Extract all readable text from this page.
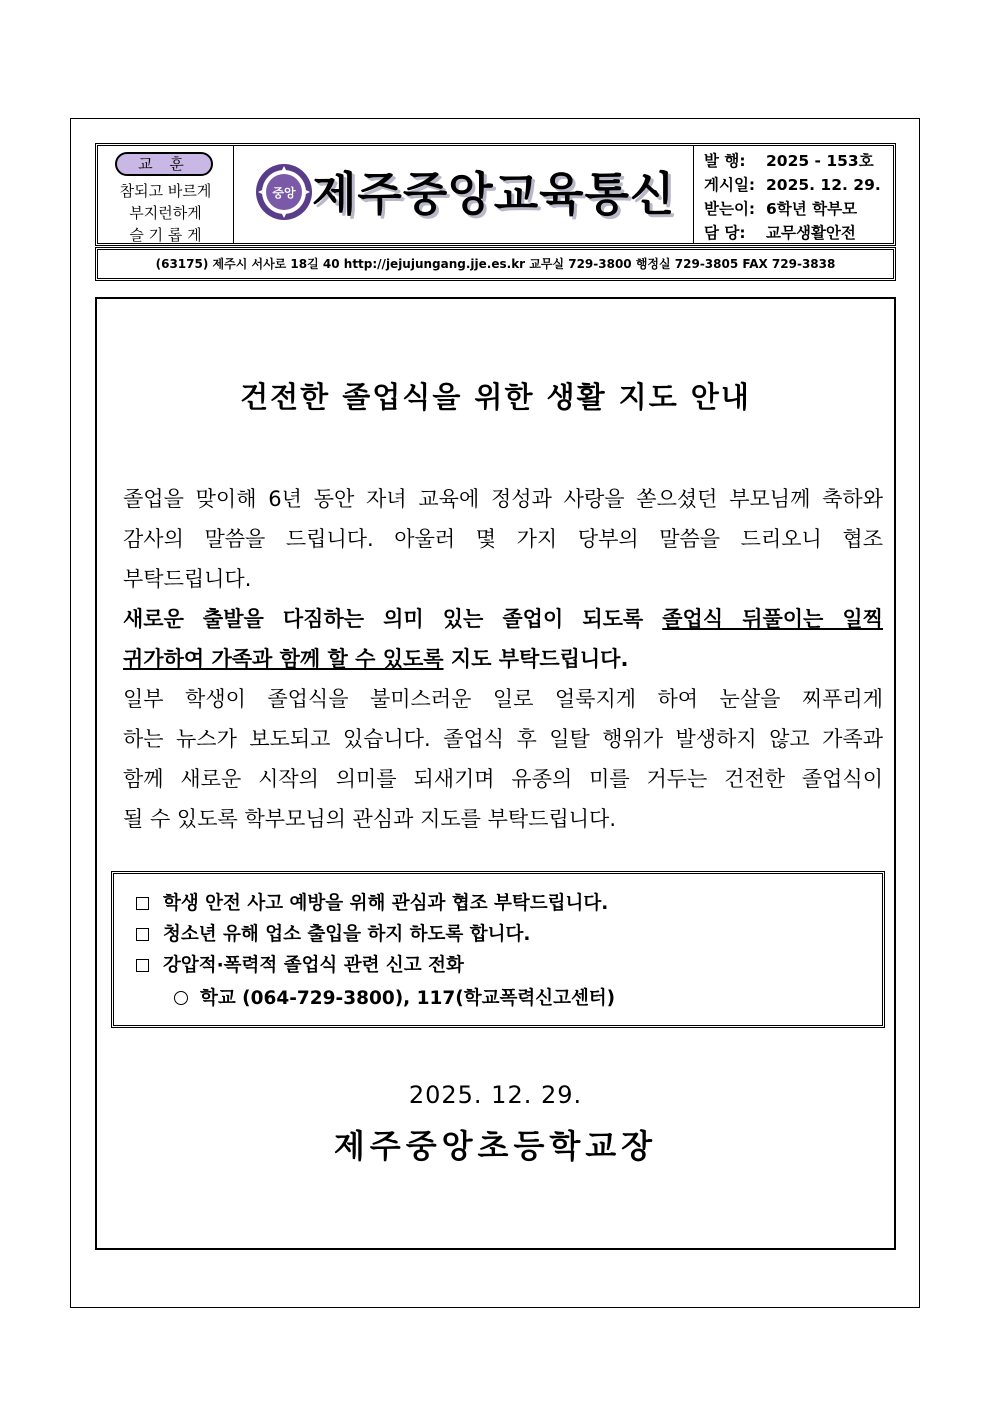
교 훈
참되고 바르게
부지런하게
슬 기 롭 게
중앙 제주중앙교육통신
발 행: 2025 - 153호
게시일: 2025. 12. 29.
받는이: 6학년 학부모
담 당: 교무생활안전
(63175) 제주시 서사로 18길 40 http://jejujungang.jje.es.kr 교무실 729-3800 행정실 729-3805 FAX 729-3838
건전한 졸업식을 위한 생활 지도 안내
졸업을 맞이해 6년 동안 자녀 교육에 정성과 사랑을 쏟으셨던 부모님께 축하와
감사의 말씀을 드립니다. 아울러 몇 가지 당부의 말씀을 드리오니 협조
부탁드립니다.
새로운 출발을 다짐하는 의미 있는 졸업이 되도록 졸업식 뒤풀이는 일찍
귀가하여 가족과 함께 할 수 있도록 지도 부탁드립니다.
일부 학생이 졸업식을 불미스러운 일로 얼룩지게 하여 눈살을 찌푸리게
하는 뉴스가 보도되고 있습니다. 졸업식 후 일탈 행위가 발생하지 않고 가족과
함께 새로운 시작의 의미를 되새기며 유종의 미를 거두는 건전한 졸업식이
될 수 있도록 학부모님의 관심과 지도를 부탁드립니다.
학생 안전 사고 예방을 위해 관심과 협조 부탁드립니다.
청소년 유해 업소 출입을 하지 하도록 합니다.
강압적·폭력적 졸업식 관련 신고 전화
학교 (064-729-3800), 117(학교폭력신고센터)
2025. 12. 29.
제주중앙초등학교장
